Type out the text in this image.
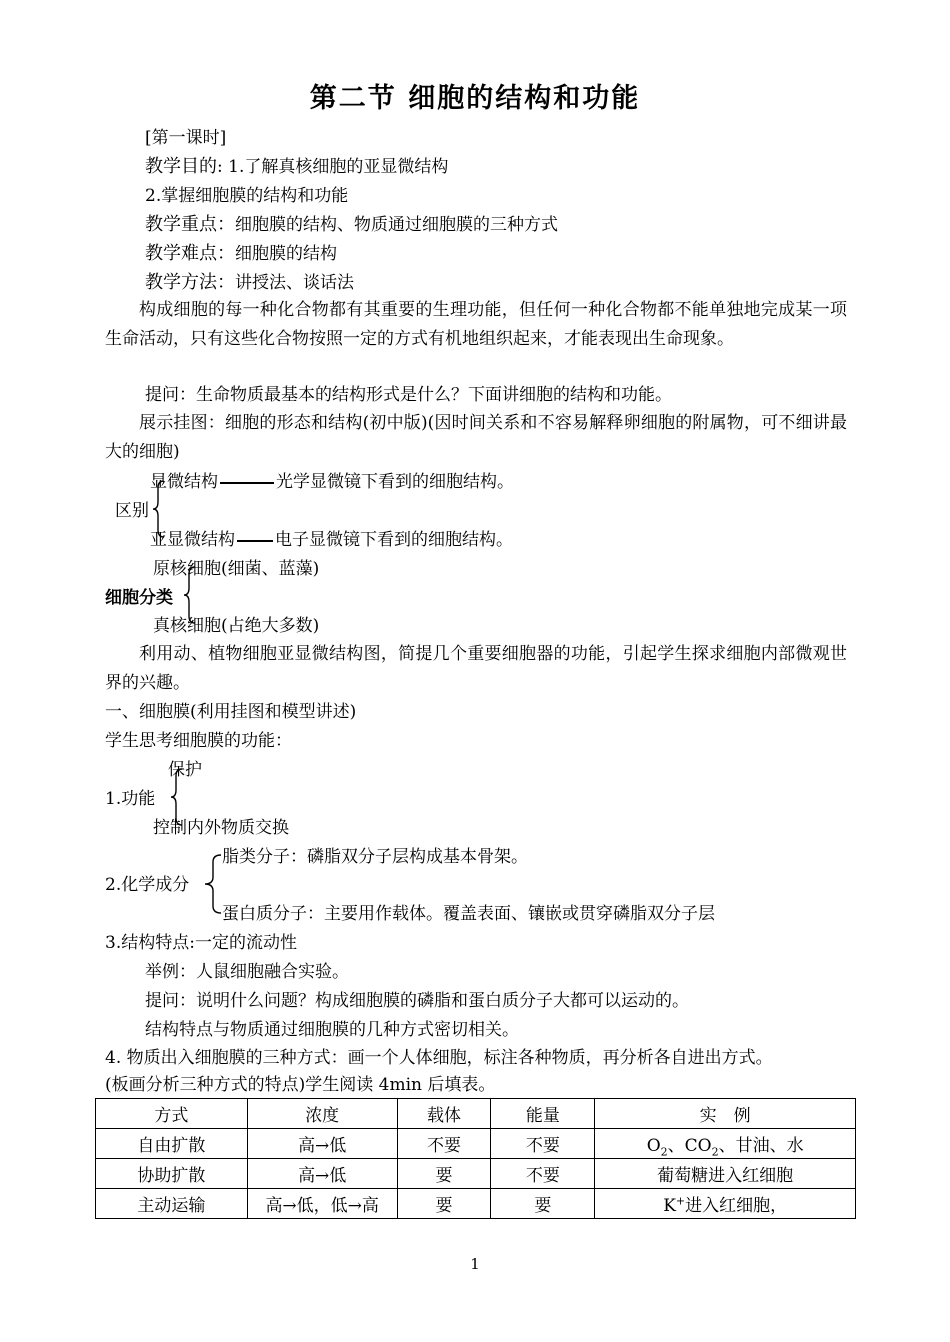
第二节 细胞的结构和功能
[第一课时]
教学目的: 1.了解真核细胞的亚显微结构
2.掌握细胞膜的结构和功能
教学重点：细胞膜的结构、物质通过细胞膜的三种方式
教学难点：细胞膜的结构
教学方法：讲授法、谈话法
构成细胞的每一种化合物都有其重要的生理功能，但任何一种化合物都不能单独地完成某一项生命活动，只有这些化合物按照一定的方式有机地组织起来，才能表现出生命现象。
提问：生命物质最基本的结构形式是什么？下面讲细胞的结构和功能。
展示挂图：细胞的形态和结构(初中版)(因时间关系和不容易解释卵细胞的附属物，可不细讲最大的细胞)
显微结构	光学显微镜下看到的细胞结构。
区别
亚显微结构 电子显微镜下看到的细胞结构。
原核细胞(细菌、蓝藻)
细胞分类
真核细胞(占绝大多数)
利用动、植物细胞亚显微结构图，简提几个重要细胞器的功能，引起学生探求细胞内部微观世界的兴趣。
一、细胞膜(利用挂图和模型讲述)
学生思考细胞膜的功能：
保护
1.功能
控制内外物质交换
脂类分子：磷脂双分子层构成基本骨架。
2.化学成分
蛋白质分子：主要用作载体。覆盖表面、镶嵌或贯穿磷脂双分子层
3.结构特点:一定的流动性
举例：人鼠细胞融合实验。
提问：说明什么问题？构成细胞膜的磷脂和蛋白质分子大都可以运动的。
结构特点与物质通过细胞膜的几种方式密切相关。
4. 物质出入细胞膜的三种方式：画一个人体细胞，标注各种物质，再分析各自进出方式。
(板画分析三种方式的特点)学生阅读 4min 后填表。
方式	浓度	载体	能量	实　例
自由扩散	高→低	不要	不要	$O_2$、$CO_2$、甘油、水
协助扩散	高→低	要	不要	葡萄糖进入红细胞
主动运输	高→低，低→高	要	要	K+进入红细胞，
1
